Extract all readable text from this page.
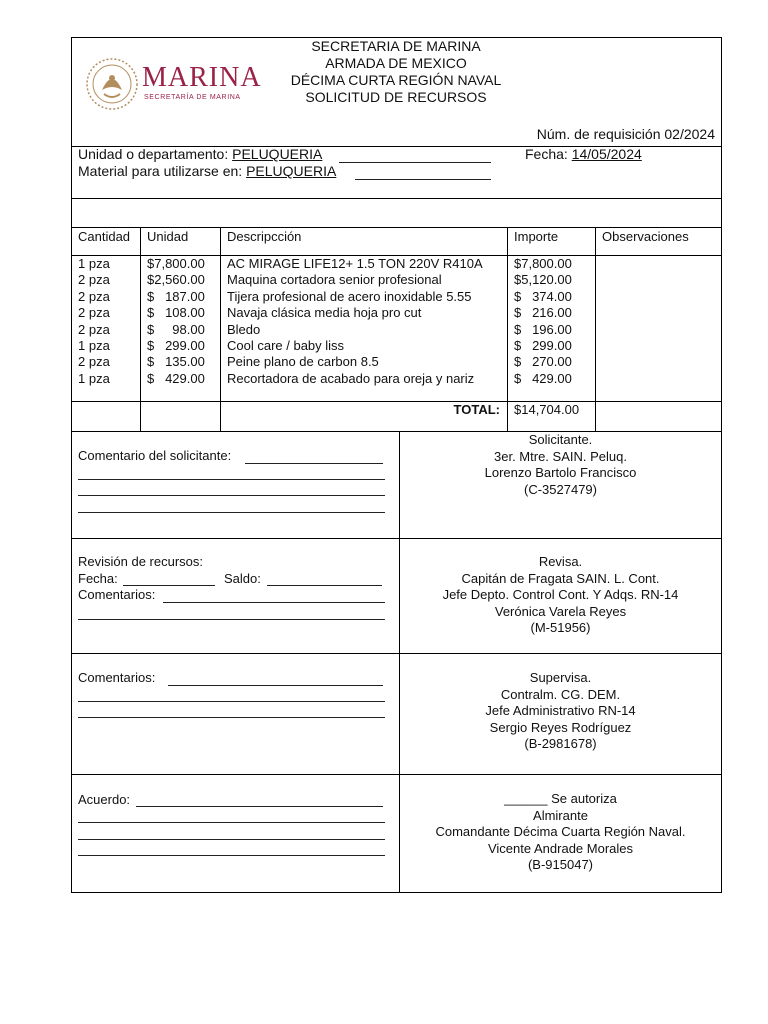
MARINA
SECRETARÍA DE MARINA
SECRETARIA DE MARINA
ARMADA DE MEXICO
DÉCIMA CURTA REGIÓN NAVAL
SOLICITUD DE RECURSOS
Núm. de requisición 02/2024
Unidad o departamento: PELUQUERIA	Fecha: 14/05/2024
Material para utilizarse en: PELUQUERIA
Cantidad Unidad	Descripcción	Importe	Observaciones
1 pza	$7,800.00 AC MIRAGE LIFE12+ 1.5 TON 220V R410A $7,800.00
2 pza	$2,560.00 Maquina cortadora senior profesional	$5,120.00
2 pza	$   187.00 Tijera profesional de acero inoxidable 5.55	$   374.00
2 pza	$   108.00 Navaja clásica media hoja pro cut	$   216.00
2 pza	$     98.00 Bledo	$   196.00
1 pza	$   299.00 Cool care / baby liss	$   299.00
2 pza	$   135.00 Peine plano de carbon 8.5	$   270.00
1 pza	$   429.00 Recortadora de acabado para oreja y nariz	$   429.00
TOTAL: $14,704.00
Comentario del solicitante:
Solicitante.
3er. Mtre. SAIN. Peluq.
Lorenzo Bartolo Francisco
(C-3527479)
Revisión de recursos:
Fecha:	Saldo:
Comentarios:
Revisa.
Capitán de Fragata SAIN. L. Cont.
Jefe Depto. Control Cont. Y Adqs. RN-14
Verónica Varela Reyes
(M-51956)
Comentarios:	Supervisa.
Contralm. CG. DEM.
Jefe Administrativo RN-14
Sergio Reyes Rodríguez
(B-2981678)
Acuerdo:	______ Se autoriza
Almirante
Comandante Décima Cuarta Región Naval.
Vicente Andrade Morales
(B-915047)
